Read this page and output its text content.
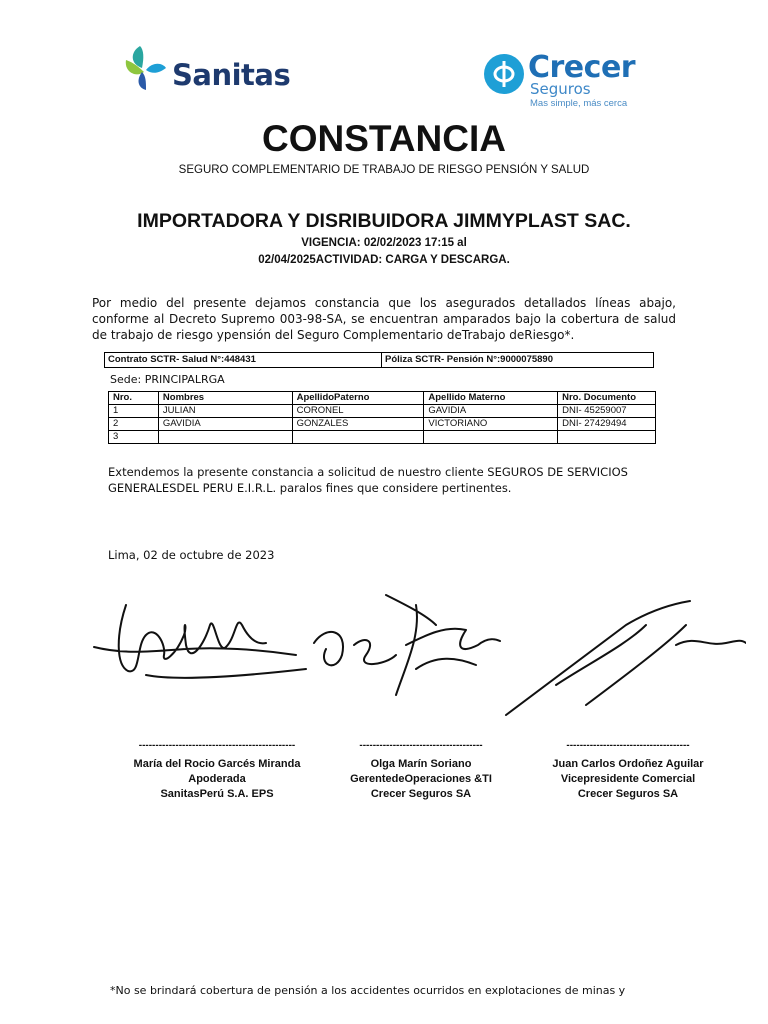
Sanitas	Crecer
Seguros
Mas simple, más cerca
CONSTANCIA
SEGURO COMPLEMENTARIO DE TRABAJO DE RIESGO PENSIÓN Y SALUD
IMPORTADORA Y DISRIBUIDORA JIMMYPLAST SAC.
VIGENCIA: 02/02/2023 17:15 al
02/04/2025ACTIVIDAD: CARGA Y DESCARGA.
Por medio del presente dejamos constancia que los asegurados detallados líneas abajo, conforme al Decreto Supremo 003-98-SA, se encuentran amparados bajo la cobertura de salud de trabajo de riesgo ypensión del Seguro Complementario deTrabajo deRiesgo*.
Contrato SCTR- Salud N°:448431	Póliza SCTR- Pensión N°:9000075890
Sede: PRINCIPALRGA
Nro.	Nombres	ApellidoPaterno	Apellido Materno	Nro. Documento
1	JULIAN	CORONEL	GAVIDIA	DNI- 45259007
2	GAVIDIA	GONZALES	VICTORIANO	DNI- 27429494
3				
Extendemos la presente constancia a solicitud de nuestro cliente SEGUROS DE SERVICIOS GENERALESDEL PERU E.I.R.L. paralos fines que considere pertinentes.
Lima, 02 de octubre de 2023
-----------------------------------------------
María del Rocio Garcés Miranda
Apoderada
SanitasPerú S.A. EPS
-------------------------------------
Olga Marín Soriano
GerentedeOperaciones &TI
Crecer Seguros SA
-------------------------------------
Juan Carlos Ordoñez Aguilar
Vicepresidente Comercial
Crecer Seguros SA
*No se brindará cobertura de pensión a los accidentes ocurridos en explotaciones de minas y
